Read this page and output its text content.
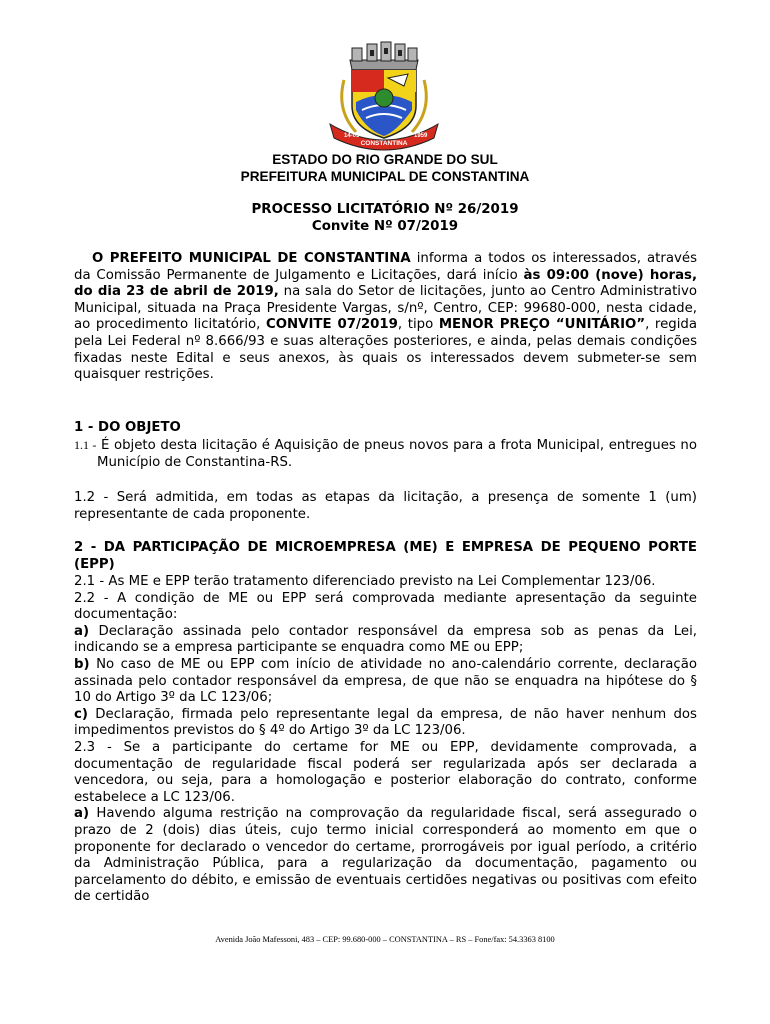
14-05
CONSTANTINA
1959
ESTADO DO RIO GRANDE DO SUL
PREFEITURA MUNICIPAL DE CONSTANTINA
PROCESSO LICITATÓRIO Nº 26/2019
Convite Nº 07/2019
O PREFEITO MUNICIPAL DE CONSTANTINA informa a todos os interessados, através da Comissão Permanente de Julgamento e Licitações, dará início às 09:00 (nove) horas, do dia 23 de abril de 2019, na sala do Setor de licitações, junto ao Centro Administrativo Municipal, situada na Praça Presidente Vargas, s/nº, Centro, CEP: 99680-000, nesta cidade, ao procedimento licitatório, CONVITE 07/2019, tipo MENOR PREÇO “UNITÁRIO”, regida pela Lei Federal nº 8.666/93 e suas alterações posteriores, e ainda, pelas demais condições fixadas neste Edital e seus anexos, às quais os interessados devem submeter-se sem quaisquer restrições.
1 - DO OBJETO
1.1 - É objeto desta licitação é Aquisição de pneus novos para a frota Municipal, entregues no Município de Constantina-RS.
1.2 - Será admitida, em todas as etapas da licitação, a presença de somente 1 (um) representante de cada proponente.
2 - DA PARTICIPAÇÃO DE MICROEMPRESA (ME) E EMPRESA DE PEQUENO PORTE (EPP)
2.1 - As ME e EPP terão tratamento diferenciado previsto na Lei Complementar 123/06.
2.2 - A condição de ME ou EPP será comprovada mediante apresentação da seguinte documentação:
a) Declaração assinada pelo contador responsável da empresa sob as penas da Lei, indicando se a empresa participante se enquadra como ME ou EPP;
b) No caso de ME ou EPP com início de atividade no ano-calendário corrente, declaração assinada pelo contador responsável da empresa, de que não se enquadra na hipótese do § 10 do Artigo 3º da LC 123/06;
c) Declaração, firmada pelo representante legal da empresa, de não haver nenhum dos impedimentos previstos do § 4º do Artigo 3º da LC 123/06.
2.3 - Se a participante do certame for ME ou EPP, devidamente comprovada, a documentação de regularidade fiscal poderá ser regularizada após ser declarada a vencedora, ou seja, para a homologação e posterior elaboração do contrato, conforme estabelece a LC 123/06.
a) Havendo alguma restrição na comprovação da regularidade fiscal, será assegurado o prazo de 2 (dois) dias úteis, cujo termo inicial corresponderá ao momento em que o proponente for declarado o vencedor do certame, prorrogáveis por igual período, a critério da Administração Pública, para a regularização da documentação, pagamento ou parcelamento do débito, e emissão de eventuais certidões negativas ou positivas com efeito de certidão
Avenida João Mafessoni, 483 – CEP: 99.680-000 – CONSTANTINA – RS – Fone/fax: 54.3363 8100
